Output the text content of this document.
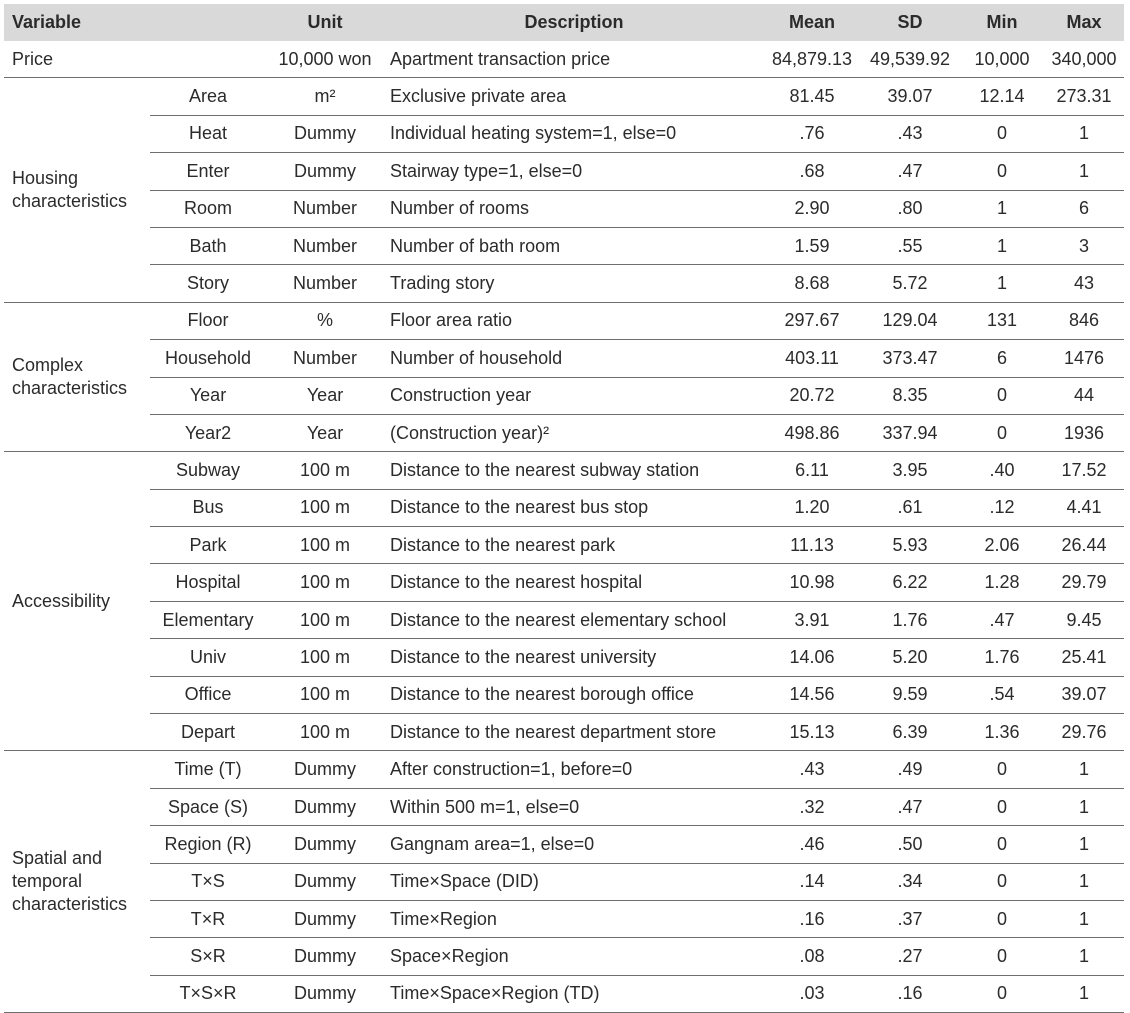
Variable		Unit	Description	Mean	SD	Min	Max
Price		10,000 won	Apartment transaction price	84,879.13	49,539.92	10,000	340,000
Housing characteristics	Area	m²	Exclusive private area	81.45	39.07	12.14	273.31
	Heat	Dummy	Individual heating system=1, else=0	.76	.43	0	1
	Enter	Dummy	Stairway type=1, else=0	.68	.47	0	1
	Room	Number	Number of rooms	2.90	.80	1	6
	Bath	Number	Number of bath room	1.59	.55	1	3
	Story	Number	Trading story	8.68	5.72	1	43
Complex characteristics	Floor	%	Floor area ratio	297.67	129.04	131	846
	Household	Number	Number of household	403.11	373.47	6	1476
	Year	Year	Construction year	20.72	8.35	0	44
	Year2	Year	(Construction year)²	498.86	337.94	0	1936
Accessibility	Subway	100 m	Distance to the nearest subway station	6.11	3.95	.40	17.52
	Bus	100 m	Distance to the nearest bus stop	1.20	.61	.12	4.41
	Park	100 m	Distance to the nearest park	11.13	5.93	2.06	26.44
	Hospital	100 m	Distance to the nearest hospital	10.98	6.22	1.28	29.79
	Elementary	100 m	Distance to the nearest elementary school	3.91	1.76	.47	9.45
	Univ	100 m	Distance to the nearest university	14.06	5.20	1.76	25.41
	Office	100 m	Distance to the nearest borough office	14.56	9.59	.54	39.07
	Depart	100 m	Distance to the nearest department store	15.13	6.39	1.36	29.76
Spatial and temporal characteristics	Time (T)	Dummy	After construction=1, before=0	.43	.49	0	1
	Space (S)	Dummy	Within 500 m=1, else=0	.32	.47	0	1
	Region (R)	Dummy	Gangnam area=1, else=0	.46	.50	0	1
	T×S	Dummy	Time×Space (DID)	.14	.34	0	1
	T×R	Dummy	Time×Region	.16	.37	0	1
	S×R	Dummy	Space×Region	.08	.27	0	1
	T×S×R	Dummy	Time×Space×Region (TD)	.03	.16	0	1
